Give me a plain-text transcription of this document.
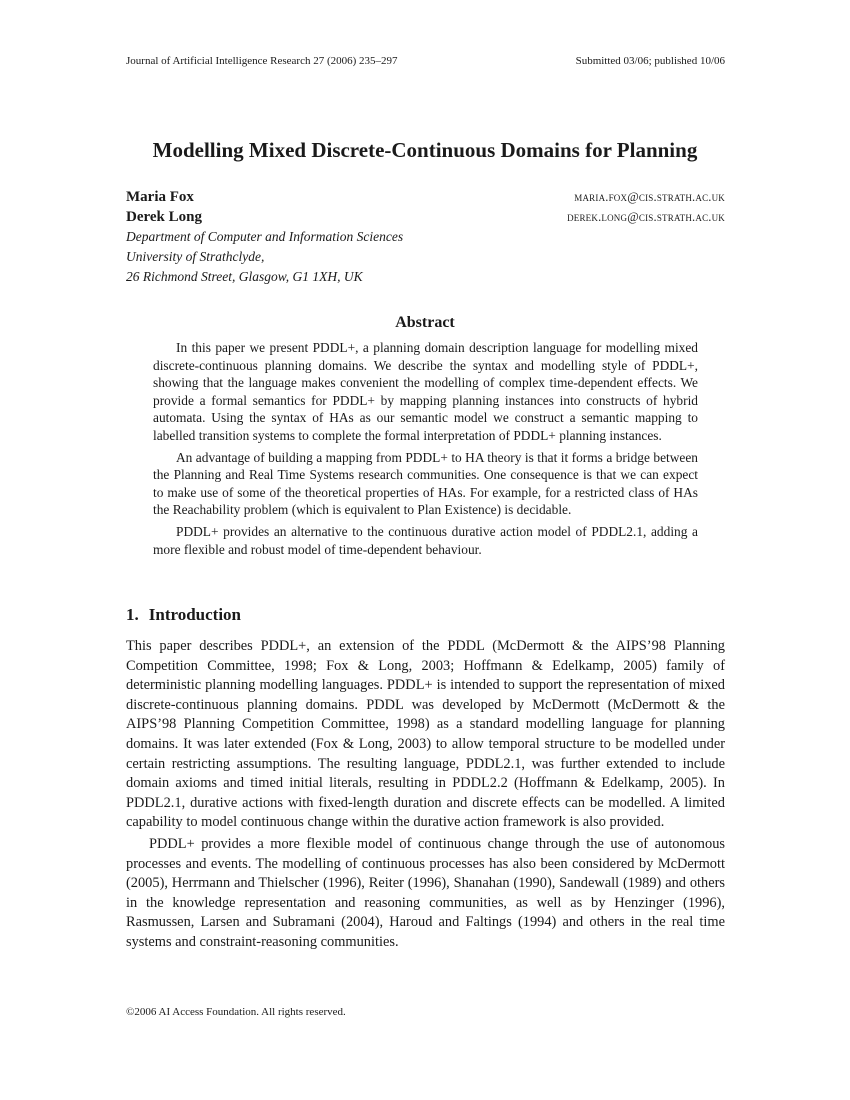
Journal of Artificial Intelligence Research 27 (2006) 235–297	Submitted 03/06; published 10/06
Modelling Mixed Discrete-Continuous Domains for Planning
Maria Fox	maria.fox@cis.strath.ac.uk
Derek Long	derek.long@cis.strath.ac.uk
Department of Computer and Information Sciences
University of Strathclyde,
26 Richmond Street, Glasgow, G1 1XH, UK
Abstract

In this paper we present PDDL+, a planning domain description language for modelling mixed discrete-continuous planning domains. We describe the syntax and modelling style of PDDL+, showing that the language makes convenient the modelling of complex time-dependent effects. We provide a formal semantics for PDDL+ by mapping planning instances into constructs of hybrid automata. Using the syntax of HAs as our semantic model we construct a semantic mapping to labelled transition systems to complete the formal interpretation of PDDL+ planning instances.

An advantage of building a mapping from PDDL+ to HA theory is that it forms a bridge between the Planning and Real Time Systems research communities. One consequence is that we can expect to make use of some of the theoretical properties of HAs. For example, for a restricted class of HAs the Reachability problem (which is equivalent to Plan Existence) is decidable.

PDDL+ provides an alternative to the continuous durative action model of PDDL2.1, adding a more flexible and robust model of time-dependent behaviour.

1. Introduction

This paper describes PDDL+, an extension of the PDDL (McDermott & the AIPS’98 Planning Competition Committee, 1998; Fox & Long, 2003; Hoffmann & Edelkamp, 2005) family of deterministic planning modelling languages. PDDL+ is intended to support the representation of mixed discrete-continuous planning domains. PDDL was developed by McDermott (McDermott & the AIPS’98 Planning Competition Committee, 1998) as a standard modelling language for planning domains. It was later extended (Fox & Long, 2003) to allow temporal structure to be modelled under certain restricting assumptions. The resulting language, PDDL2.1, was further extended to include domain axioms and timed initial literals, resulting in PDDL2.2 (Hoffmann & Edelkamp, 2005). In PDDL2.1, durative actions with fixed-length duration and discrete effects can be modelled. A limited capability to model continuous change within the durative action framework is also provided.

PDDL+ provides a more flexible model of continuous change through the use of autonomous processes and events. The modelling of continuous processes has also been considered by McDermott (2005), Herrmann and Thielscher (1996), Reiter (1996), Shanahan (1990), Sandewall (1989) and others in the knowledge representation and reasoning communities, as well as by Henzinger (1996), Rasmussen, Larsen and Subramani (2004), Haroud and Faltings (1994) and others in the real time systems and constraint-reasoning communities.

©2006 AI Access Foundation. All rights reserved.
